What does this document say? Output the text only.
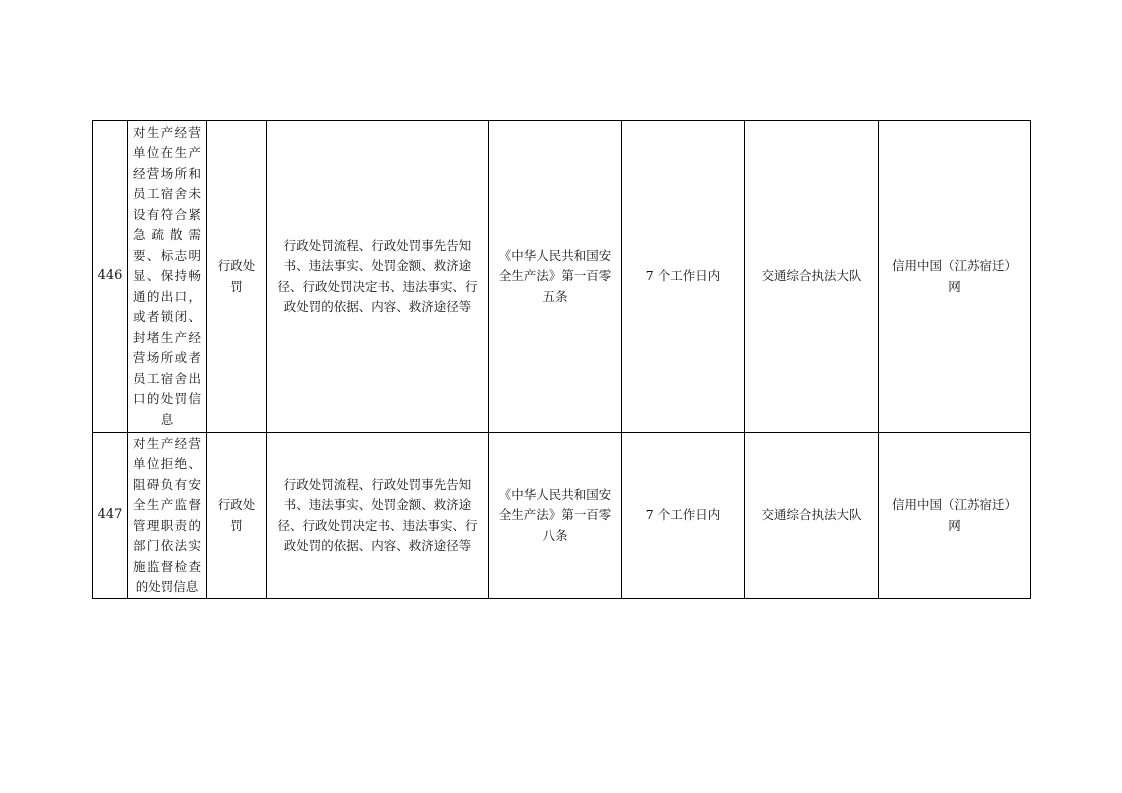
446	对生产经营单位在生产经营场所和员工宿舍未设有符合紧急疏散需要、标志明显、保持畅通的出口，或者锁闭、封堵生产经营场所或者员工宿舍出口的处罚信息	行政处罚	行政处罚流程、行政处罚事先告知书、违法事实、处罚金额、救济途径、行政处罚决定书、违法事实、行政处罚的依据、内容、救济途径等	《中华人民共和国安全生产法》第一百零五条	7 个工作日内	交通综合执法大队	信用中国（江苏宿迁）网

447	对生产经营单位拒绝、阻碍负有安全生产监督管理职责的部门依法实施监督检查的处罚信息	行政处罚	行政处罚流程、行政处罚事先告知书、违法事实、处罚金额、救济途径、行政处罚决定书、违法事实、行政处罚的依据、内容、救济途径等	《中华人民共和国安全生产法》第一百零八条	7 个工作日内	交通综合执法大队	信用中国（江苏宿迁）网
